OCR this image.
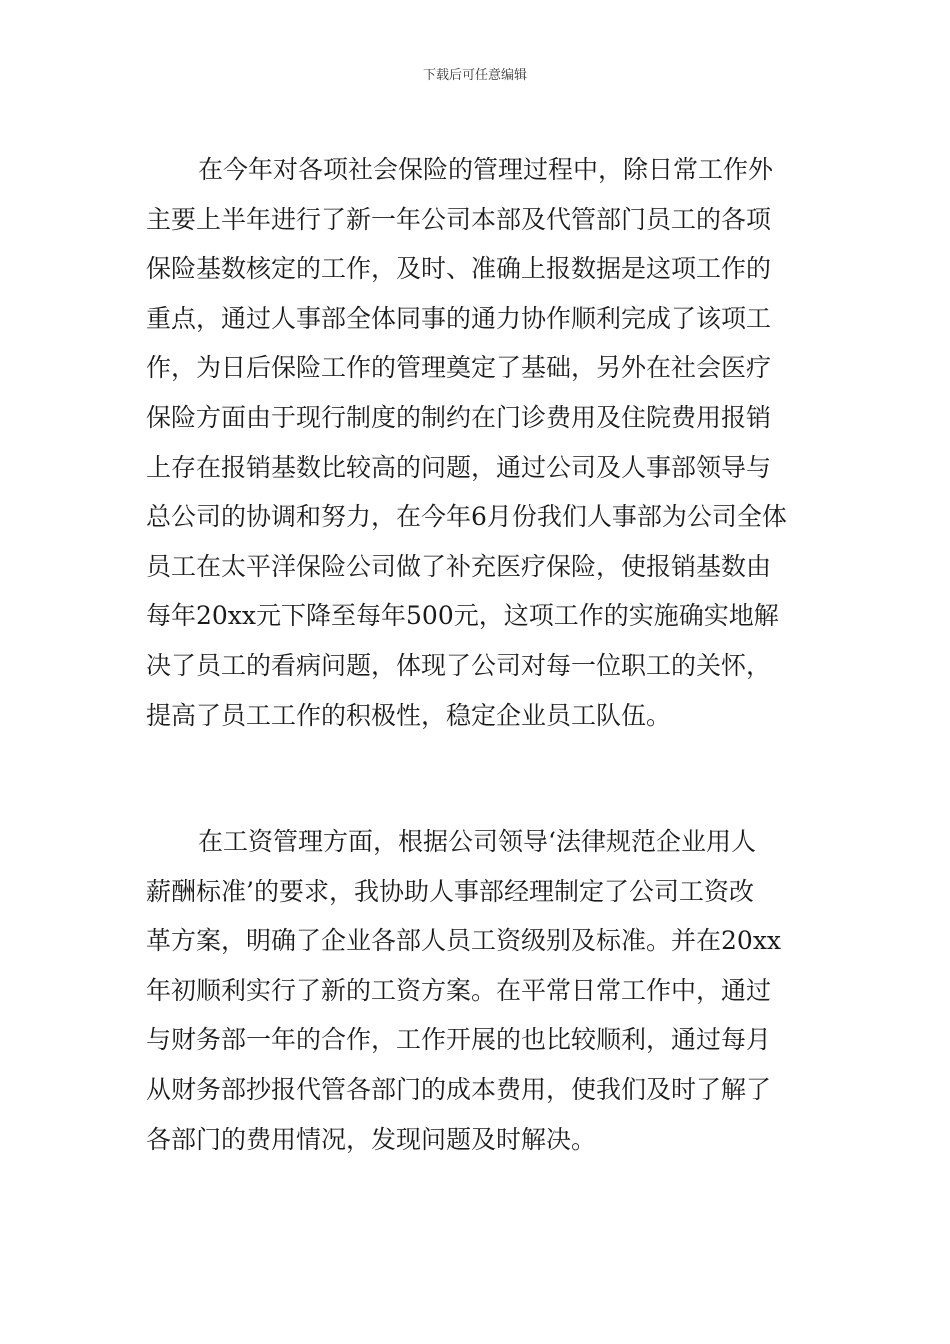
下载后可任意编辑
在今年对各项社会保险的管理过程中，除日常工作外
主要上半年进行了新一年公司本部及代管部门员工的各项
保险基数核定的工作，及时、准确上报数据是这项工作的
重点，通过人事部全体同事的通力协作顺利完成了该项工
作，为日后保险工作的管理奠定了基础，另外在社会医疗
保险方面由于现行制度的制约在门诊费用及住院费用报销
上存在报销基数比较高的问题，通过公司及人事部领导与
总公司的协调和努力，在今年6月份我们人事部为公司全体
员工在太平洋保险公司做了补充医疗保险，使报销基数由
每年20xx元下降至每年500元，这项工作的实施确实地解
决了员工的看病问题，体现了公司对每一位职工的关怀，
提高了员工工作的积极性，稳定企业员工队伍。
在工资管理方面，根据公司领导‘法律规范企业用人
薪酬标准’的要求，我协助人事部经理制定了公司工资改
革方案，明确了企业各部人员工资级别及标准。并在20xx
年初顺利实行了新的工资方案。在平常日常工作中，通过
与财务部一年的合作，工作开展的也比较顺利，通过每月
从财务部抄报代管各部门的成本费用，使我们及时了解了
各部门的费用情况，发现问题及时解决。
